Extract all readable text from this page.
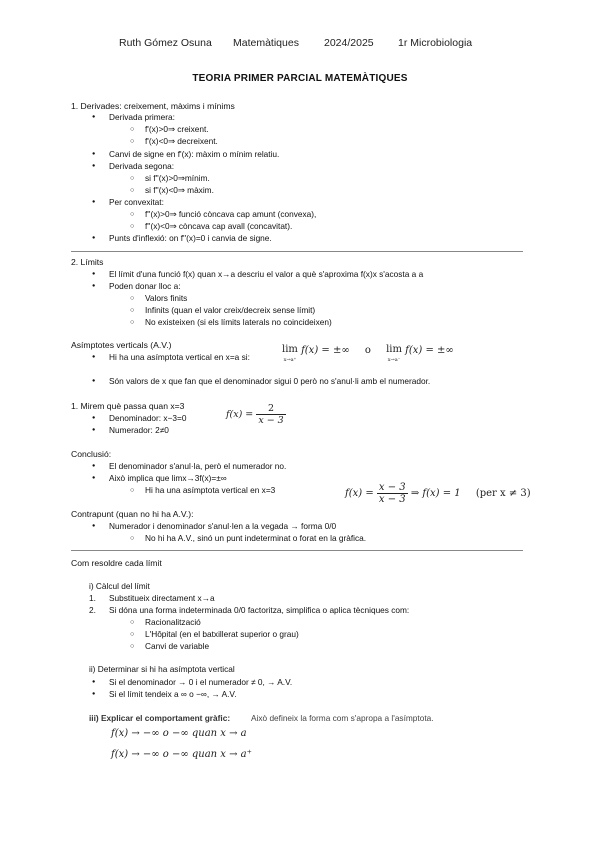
Ruth Gómez Osuna Matemàtiques 2024/2025 1r Microbiologia
TEORIA PRIMER PARCIAL MATEMÀTIQUES
1. Derivades: creixement, màxims i mínims
● Derivada primera:
○ f'(x)>0⇒ creixent.
○ f'(x)<0⇒ decreixent.
● Canvi de signe en f'(x): màxim o mínim relatiu.
● Derivada segona:
○ si f''(x)>0⇒mínim.
○ si f''(x)<0⇒ màxim.
● Per convexitat:
○ f''(x)>0⇒ funció còncava cap amunt (convexa),
○ f''(x)<0⇒ còncava cap avall (concavitat).
● Punts d'inflexió: on f''(x)=0 i canvia de signe.
2. Límits
● El límit d'una funció f(x) quan x→a descriu el valor a què s'aproxima f(x)x s'acosta a a
● Poden donar lloc a:
○ Valors finits
○ Infinits (quan el valor creix/decreix sense límit)
○ No existeixen (si els límits laterals no coincideixen)
Asímptotes verticals (A.V.)
● Hi ha una asímptota vertical en x=a si:
lim
x→a⁺ f(x) = ±∞ o lim
x→a⁻ f(x) = ±∞
● Són valors de x que fan que el denominador sigui 0 però no s'anul·li amb el numerador.
1. Mirem què passa quan x=3
● Denominador: x−3=0
● Numerador: 2≠0
$f(x) = \frac{2}{x - 3}$
Conclusió:
● El denominador s'anul·la, però el numerador no.
● Això implica que limx→3f(x)=±∞
○ Hi ha una asímptota vertical en x=3	$f(x) = \frac{x - 3}{x - 3}$ ⇒ f(x) = 1 (per x ≠ 3)
Contrapunt (quan no hi ha A.V.):
● Numerador i denominador s'anul·len a la vegada → forma 0/0
○ No hi ha A.V., sinó un punt indeterminat o forat en la gràfica.
Com resoldre cada límit
i) Càlcul del límit
1. Substitueix directament x→a
2. Si dóna una forma indeterminada 0/0 factoritza, simplifica o aplica tècniques com:
○ Racionalització
○ L'Hôpital (en el batxillerat superior o grau)
○ Canvi de variable
ii) Determinar si hi ha asímptota vertical
● Si el denominador → 0 i el numerador ≠ 0, → A.V.
● Si el límit tendeix a ∞ o −∞, → A.V.
iii) Explicar el comportament gràfic:	Això defineix la forma com s'apropa a l'asímptota.
f(x) → −∞ o −∞ quan x → a
f(x) → −∞ o −∞ quan x → a⁺
